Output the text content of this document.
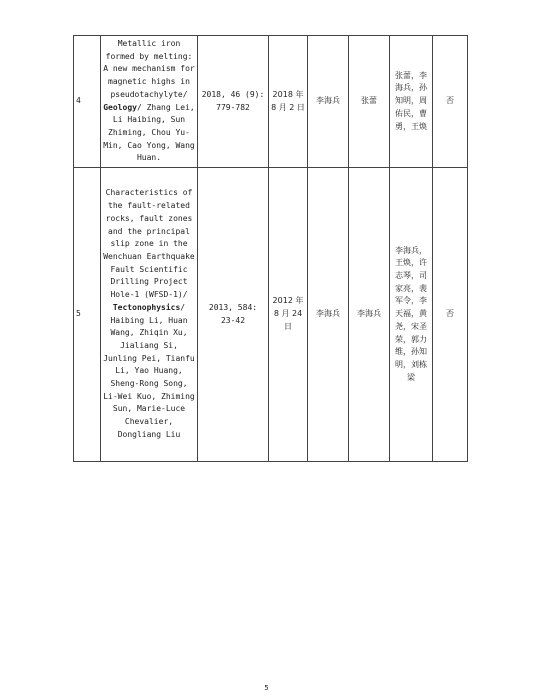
4	Metallic iron formed by melting: A new mechanism for magnetic highs in pseudotachylyte/
Geology/ Zhang Lei, Li Haibing, Sun Zhiming, Chou Yu-Min, Cao Yong, Wang Huan.	2018, 46 (9): 779-782	2018 年 8 月 2 日	李海兵	张蕾	张蕾，李海兵，孙知明，周佑民，曹勇，王焕	否
5	Characteristics of the fault-related rocks, fault zones and the principal slip zone in the Wenchuan Earthquake Fault Scientific Drilling Project Hole-1 (WFSD-1)/
Tectonophysics/ Haibing Li, Huan Wang, Zhiqin Xu, Jialiang Si, Junling Pei, Tianfu Li, Yao Huang, Sheng-Rong Song, Li-Wei Kuo, Zhiming Sun, Marie-Luce Chevalier, Dongliang Liu	2013, 584: 23-42	2012 年 8 月 24 日	李海兵	李海兵	李海兵，王焕，许志琴，司家亮，裴军令，李天福，黄尧，宋圣荣，郭力维，孙知明，刘栋梁	否
5
